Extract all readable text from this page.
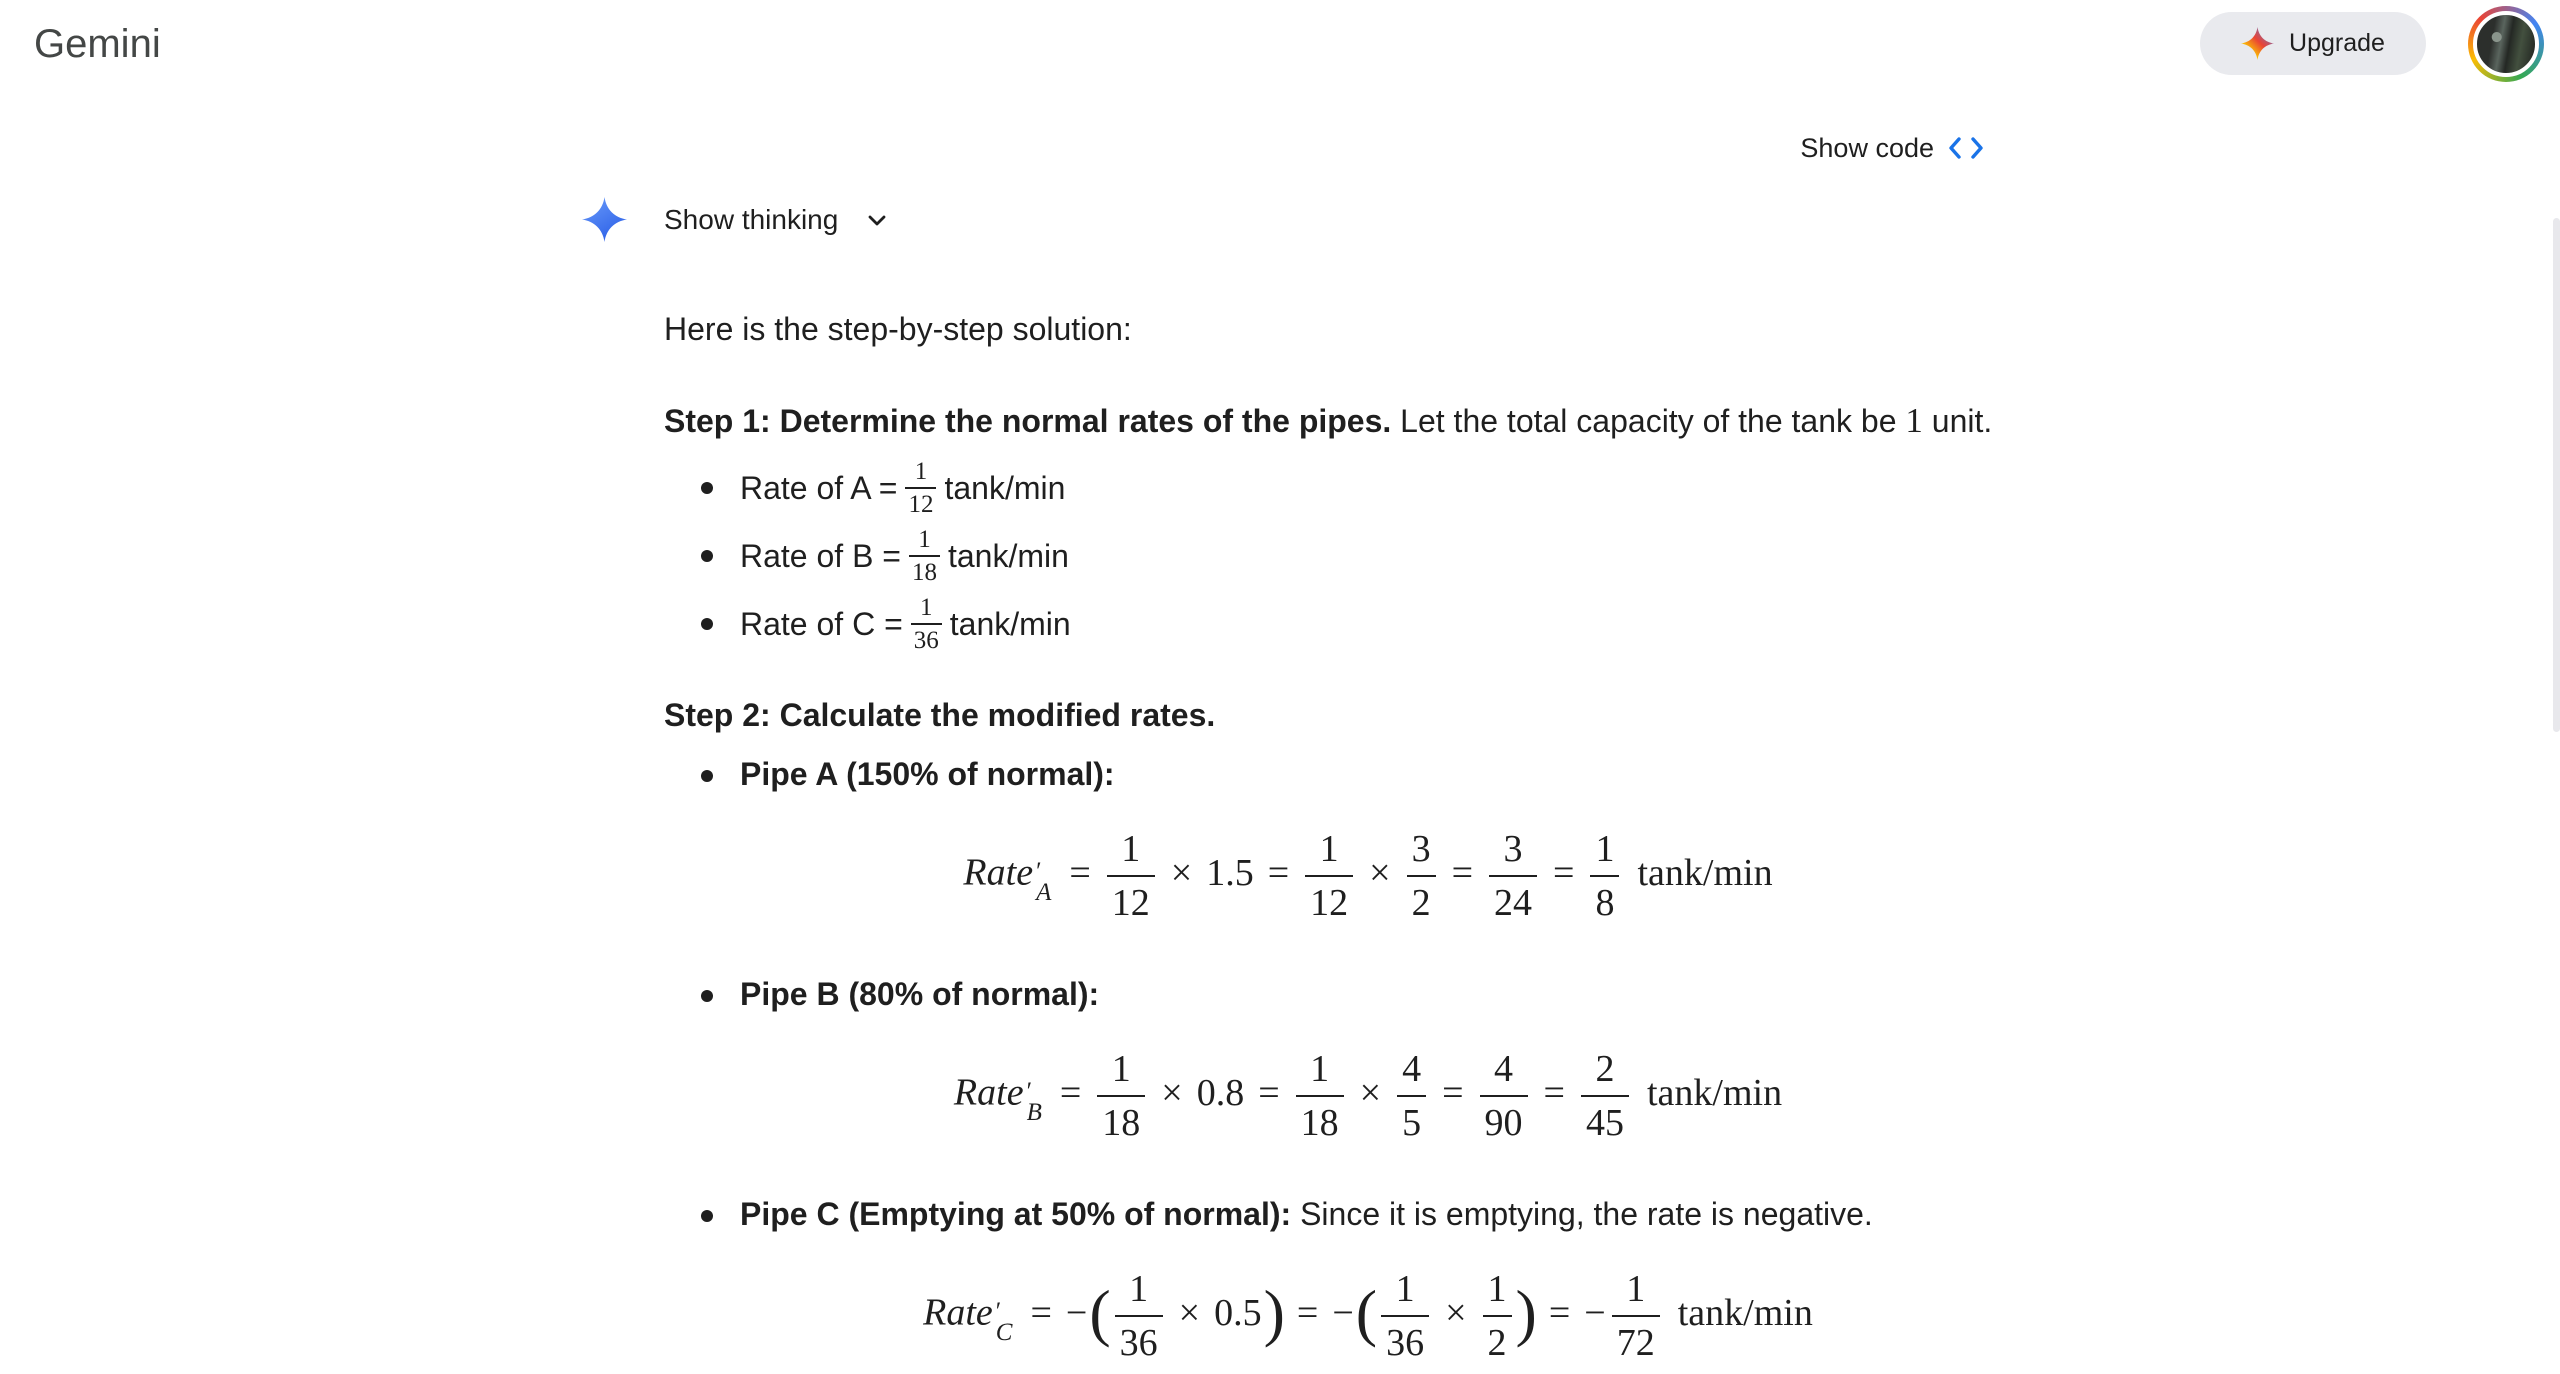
Gemini	Upgrade
Show code
Show thinking

Here is the step-by-step solution:

Step 1: Determine the normal rates of the pipes. Let the total capacity of the tank be 1 unit.

Rate of $A = \frac{1}{12} \tan k/\min$
Rate of $B = \frac{1}{18} \tan k/\min$
Rate of $C = \frac{1}{36} \tan k/\min$

Step 2: Calculate the modified rates.

Pipe A (150% of normal):
Rate ′
$A = \frac{1}{12} \times 1.5 = \frac{1}{12} \times \frac{3}{2} = \frac{3}{24} = \frac{1}{8} \tan k/\min$
Pipe B (80% of normal):
Rate ′
$B = \frac{1}{18} \times 0.8 = \frac{1}{18} \times \frac{4}{5} = \frac{4}{90} = \frac{2}{45} \tan k/\min$
Pipe C (Emptying at 50% of normal): Since it is emptying, the rate is negative.
Rate ′
C = −( $\frac{1}{36} \times 0.5$) = −( $\frac{1}{36} \times \frac{1}{2}$ ) = − $\frac{1}{72} \tan k/\min$
